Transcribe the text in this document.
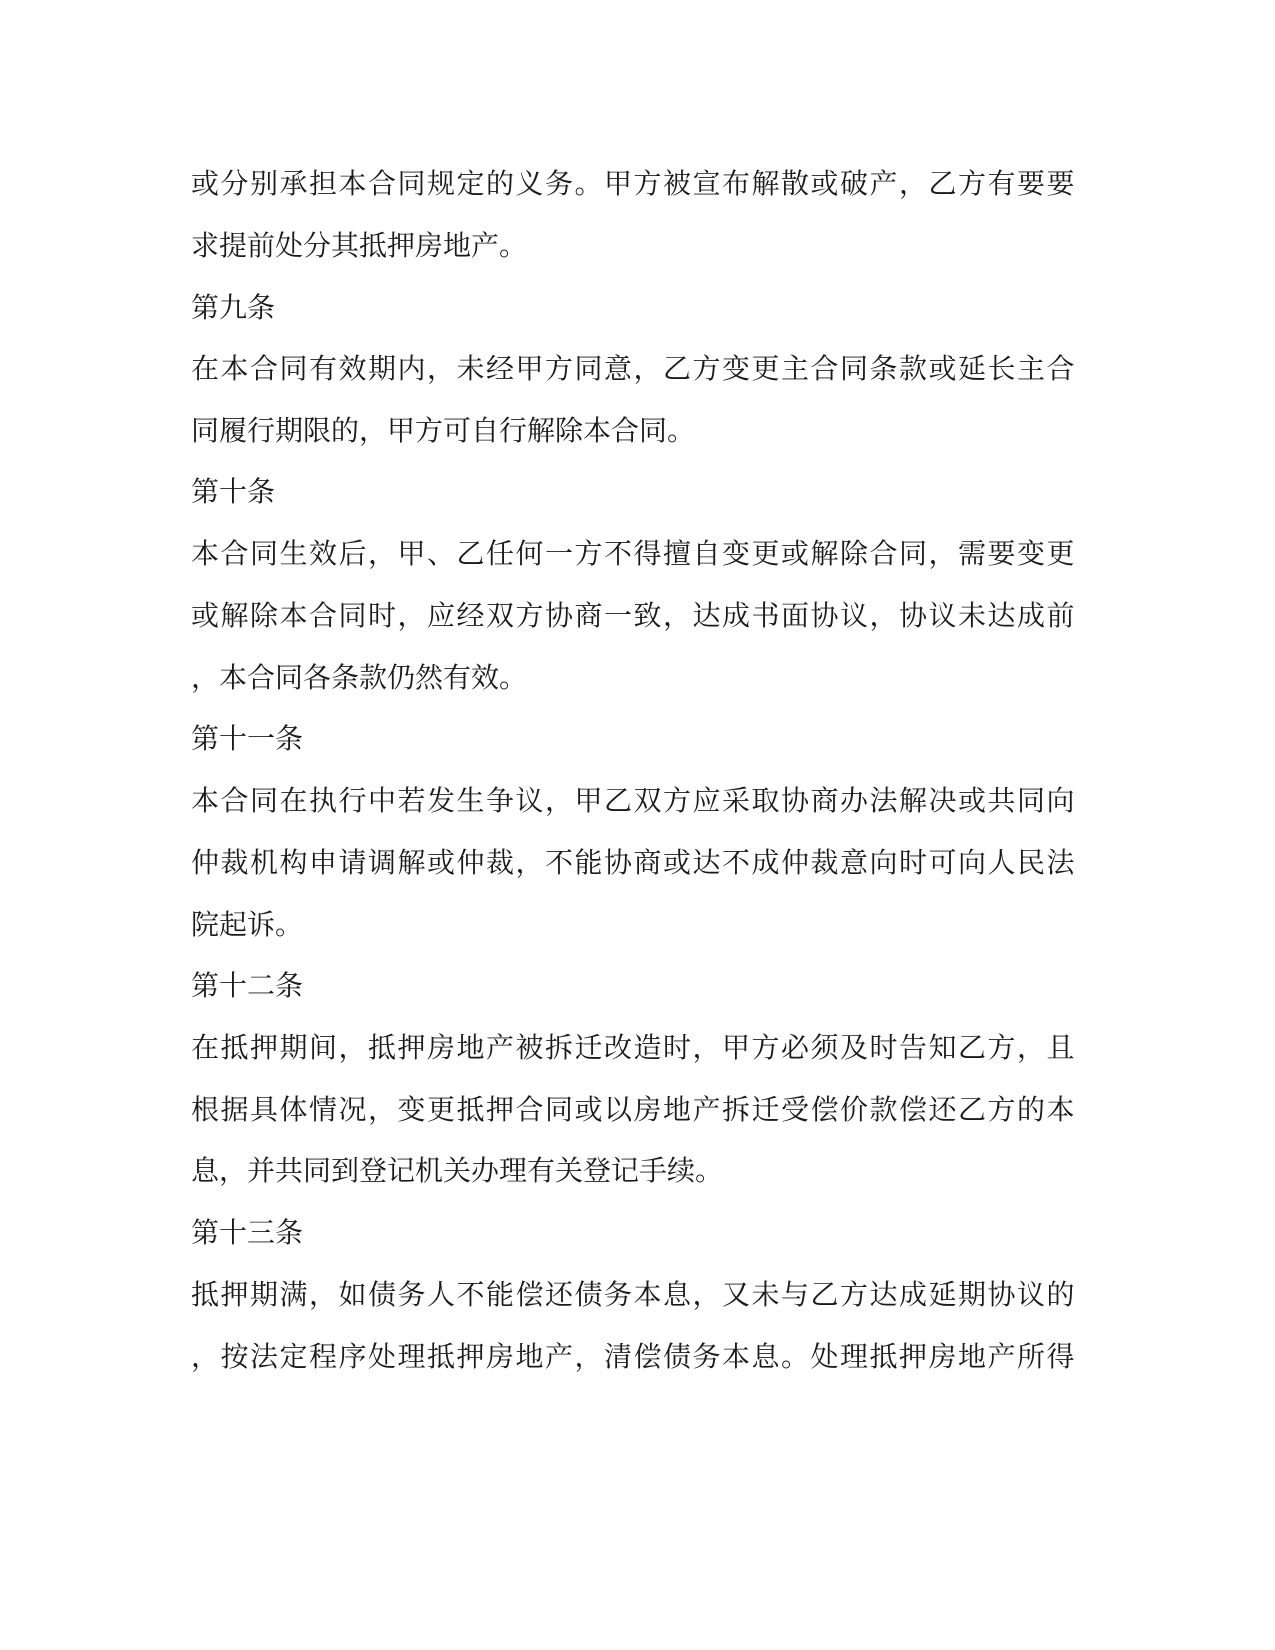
或分别承担本合同规定的义务。甲方被宣布解散或破产，乙方有要要
求提前处分其抵押房地产。
第九条
在本合同有效期内，未经甲方同意，乙方变更主合同条款或延长主合
同履行期限的，甲方可自行解除本合同。
第十条
本合同生效后，甲、乙任何一方不得擅自变更或解除合同，需要变更
或解除本合同时，应经双方协商一致，达成书面协议，协议未达成前
，本合同各条款仍然有效。
第十一条
本合同在执行中若发生争议，甲乙双方应采取协商办法解决或共同向
仲裁机构申请调解或仲裁，不能协商或达不成仲裁意向时可向人民法
院起诉。
第十二条
在抵押期间，抵押房地产被拆迁改造时，甲方必须及时告知乙方，且
根据具体情况，变更抵押合同或以房地产拆迁受偿价款偿还乙方的本
息，并共同到登记机关办理有关登记手续。
第十三条
抵押期满，如债务人不能偿还债务本息，又未与乙方达成延期协议的
，按法定程序处理抵押房地产，清偿债务本息。处理抵押房地产所得
